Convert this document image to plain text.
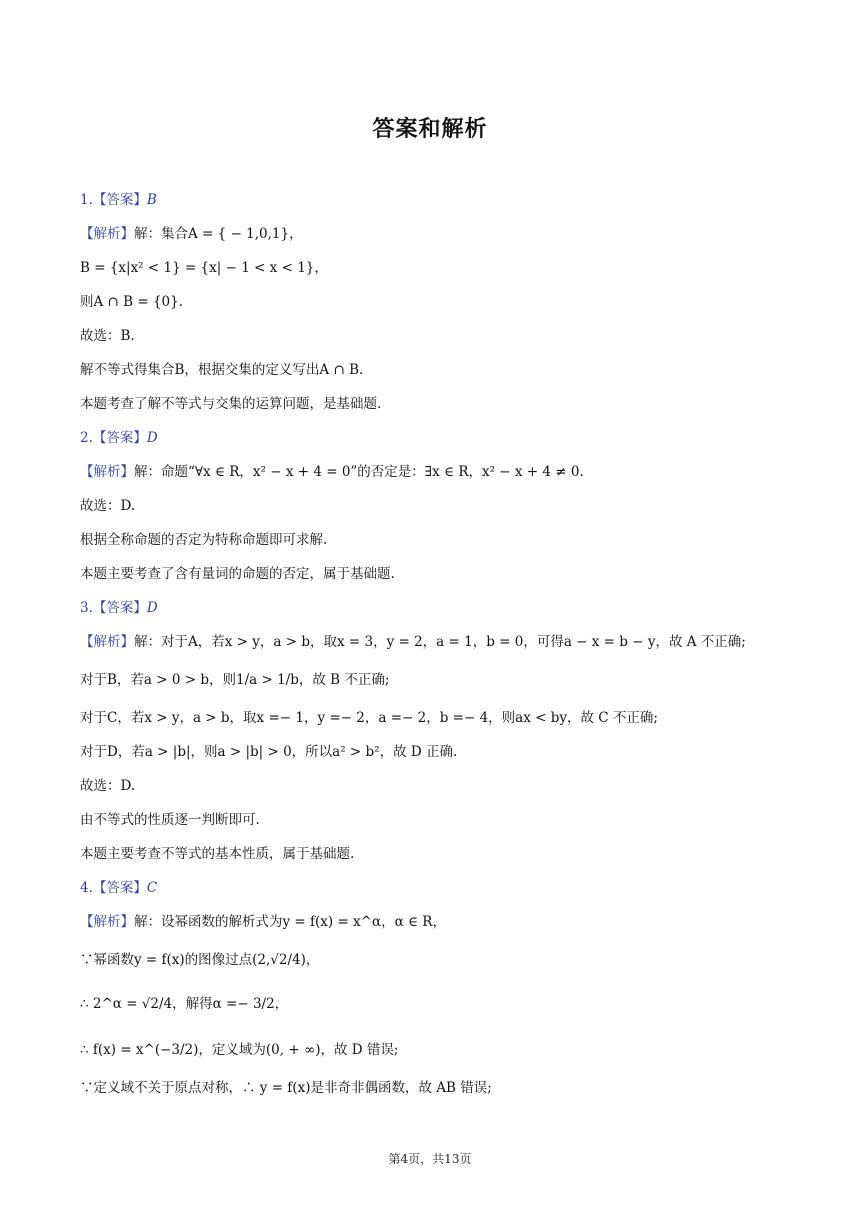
答案和解析
1.【答案】B
【解析】解：集合A = { − 1,0,1}，
B = {x|x² < 1} = {x| − 1 < x < 1}，
则A ∩ B = {0}.
故选：B.
解不等式得集合B，根据交集的定义写出A ∩ B.
本题考查了解不等式与交集的运算问题，是基础题.
2.【答案】D
【解析】解：命题“∀x ∈ R，x² − x + 4 = 0”的否定是：∃x ∈ R，x² − x + 4 ≠ 0.
故选：D.
根据全称命题的否定为特称命题即可求解.
本题主要考查了含有量词的命题的否定，属于基础题.
3.【答案】D
【解析】解：对于A，若x > y，a > b，取x = 3，y = 2，a = 1，b = 0，可得a − x = b − y，故 A 不正确;
对于B，若a > 0 > b，则1/a > 1/b，故 B 不正确;
对于C，若x > y，a > b，取x =− 1，y =− 2，a =− 2，b =− 4，则ax < by，故 C 不正确;
对于D，若a > |b|，则a > |b| > 0，所以a² > b²，故 D 正确.
故选：D.
由不等式的性质逐一判断即可.
本题主要考查不等式的基本性质，属于基础题.
4.【答案】C
【解析】解：设幂函数的解析式为y = f(x) = x^α，α ∈ R，
∵幂函数y = f(x)的图像过点(2,√2/4)，
∴ 2^α = √2/4，解得α =− 3/2，
∴ f(x) = x^(−3/2)，定义域为(0, + ∞)，故 D 错误;
∵定义域不关于原点对称，∴ y = f(x)是非奇非偶函数，故 AB 错误;
第4页，共13页
